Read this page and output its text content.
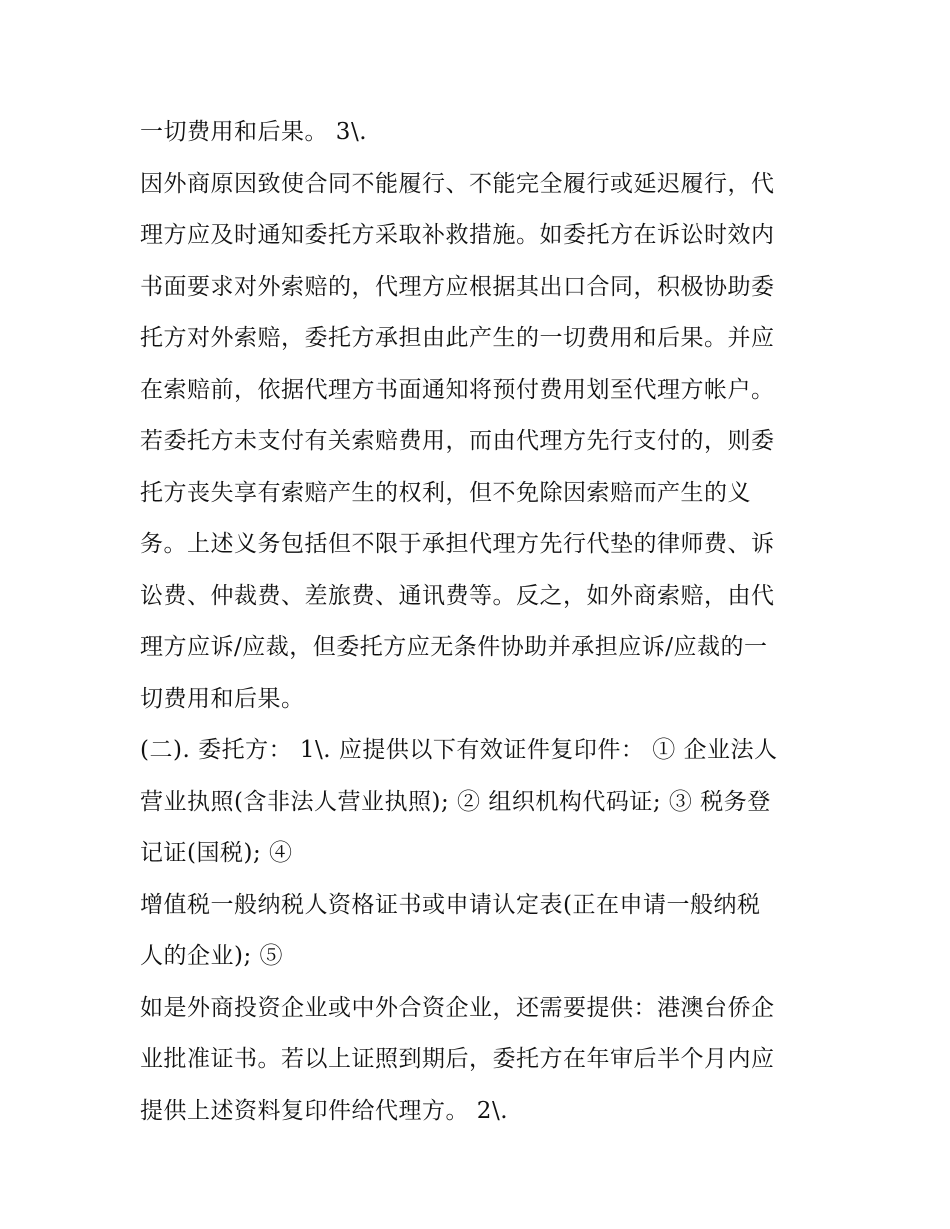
一切费用和后果。 3\.
因外商原因致使合同不能履行、不能完全履行或延迟履行，代
理方应及时通知委托方采取补救措施。如委托方在诉讼时效内
书面要求对外索赔的，代理方应根据其出口合同，积极协助委
托方对外索赔，委托方承担由此产生的一切费用和后果。并应
在索赔前，依据代理方书面通知将预付费用划至代理方帐户。
若委托方未支付有关索赔费用，而由代理方先行支付的，则委
托方丧失享有索赔产生的权利，但不免除因索赔而产生的义
务。上述义务包括但不限于承担代理方先行代垫的律师费、诉
讼费、仲裁费、差旅费、通讯费等。反之，如外商索赔，由代
理方应诉/应裁，但委托方应无条件协助并承担应诉/应裁的一
切费用和后果。
(二). 委托方： 1\. 应提供以下有效证件复印件： ① 企业法人
营业执照(含非法人营业执照); ② 组织机构代码证; ③ 税务登
记证(国税); ④
增值税一般纳税人资格证书或申请认定表(正在申请一般纳税
人的企业); ⑤
如是外商投资企业或中外合资企业，还需要提供：港澳台侨企
业批准证书。若以上证照到期后，委托方在年审后半个月内应
提供上述资料复印件给代理方。 2\.
